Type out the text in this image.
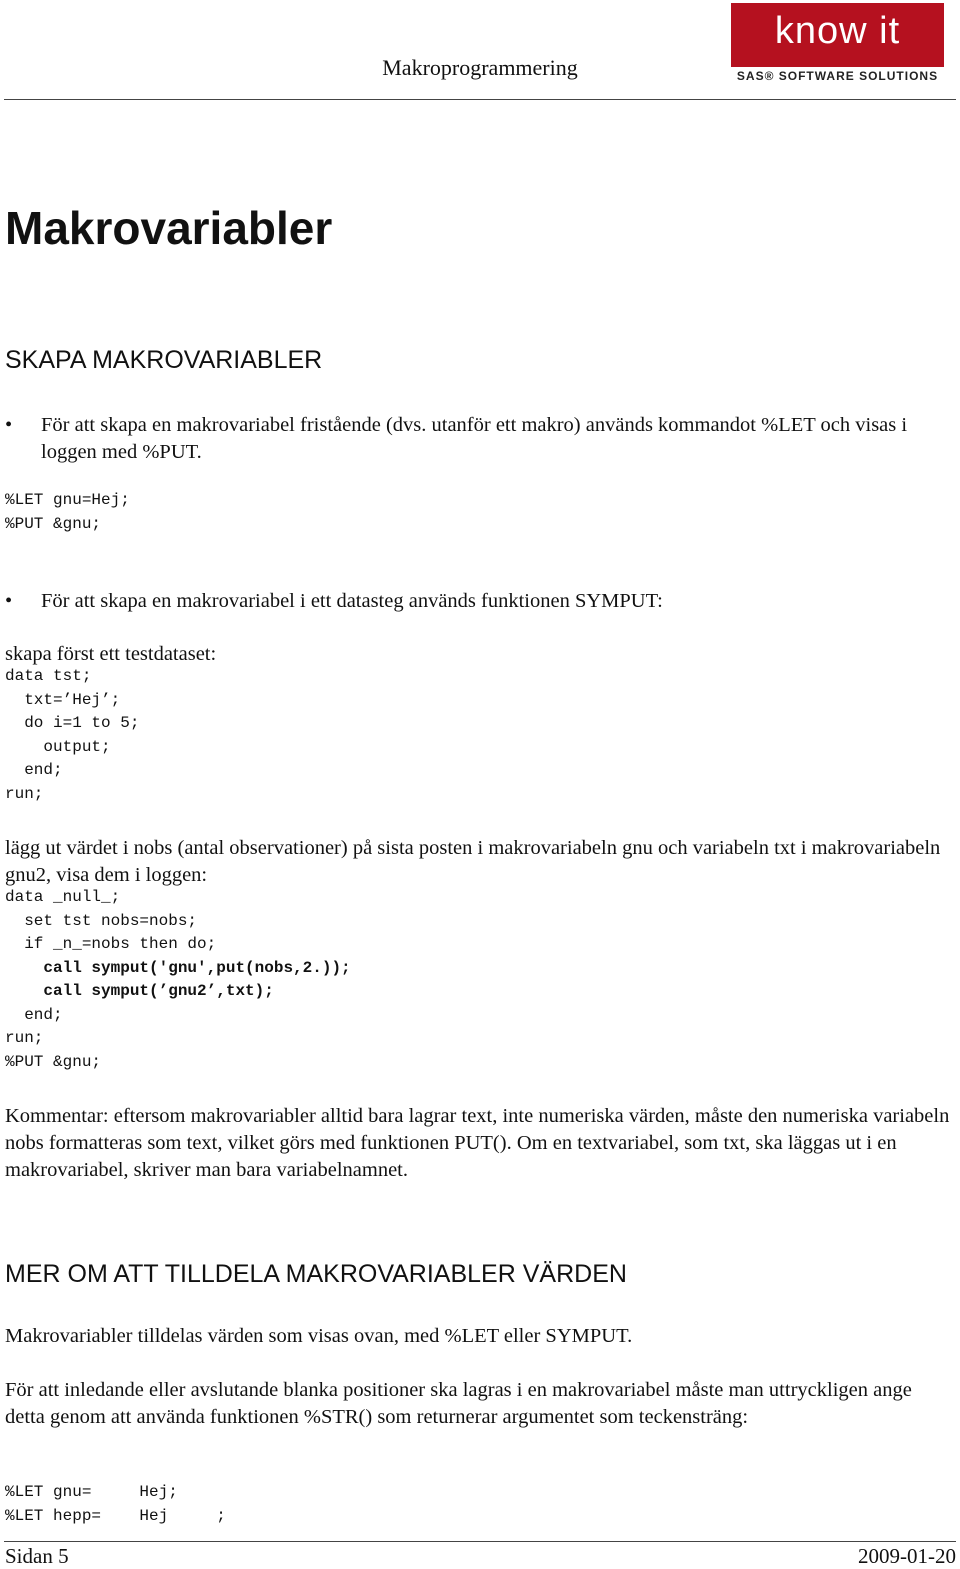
Makroprogrammering
know it
SAS® SOFTWARE SOLUTIONS
Makrovariabler
SKAPA MAKROVARIABLER
• För att skapa en makrovariabel fristående (dvs. utanför ett makro) används kommandot %LET och visas i loggen med %PUT.
%LET gnu=Hej;
%PUT &gnu;
• För att skapa en makrovariabel i ett datasteg används funktionen SYMPUT:
skapa först ett testdataset:
data tst;
txt=’Hej’;
do i=1 to 5;
output;
end;
run;
lägg ut värdet i nobs (antal observationer) på sista posten i makrovariabeln gnu och variabeln txt i makrovariabeln gnu2, visa dem i loggen:
data _null_;
set tst nobs=nobs;
if _n_=nobs then do;
call symput('gnu',put(nobs,2.));
call symput(’gnu2’,txt);
end;
run;
%PUT &gnu;
Kommentar: eftersom makrovariabler alltid bara lagrar text, inte numeriska värden, måste den numeriska variabeln nobs formatteras som text, vilket görs med funktionen PUT(). Om en textvariabel, som txt, ska läggas ut i en makrovariabel, skriver man bara variabelnamnet.
MER OM ATT TILLDELA MAKROVARIABLER VÄRDEN
Makrovariabler tilldelas värden som visas ovan, med %LET eller SYMPUT.
För att inledande eller avslutande blanka positioner ska lagras i en makrovariabel måste man uttryckligen ange detta genom att använda funktionen %STR() som returnerar argumentet som teckensträng:
%LET gnu=     Hej;
%LET hepp=    Hej     ;
Sidan 5	2009-01-20
